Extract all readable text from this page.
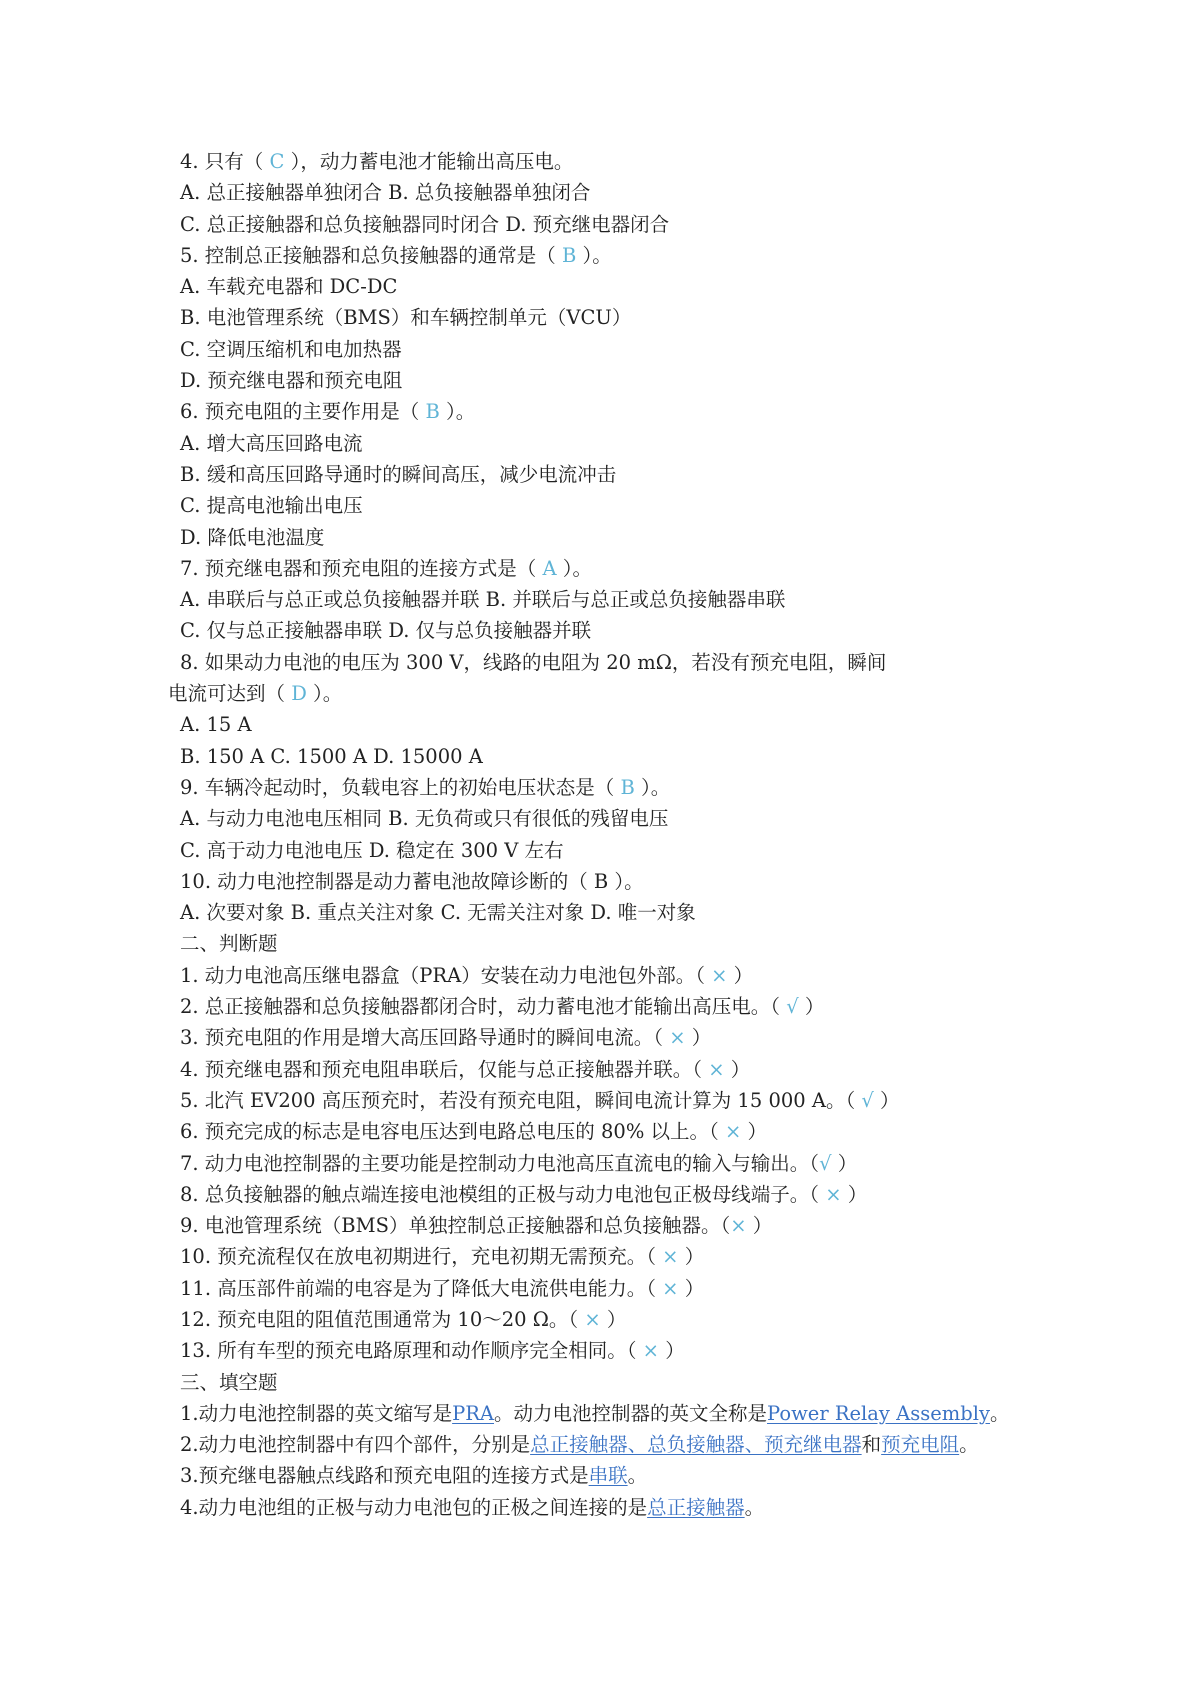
4. 只有（ C ），动力蓄电池才能输出高压电。
A. 总正接触器单独闭合 B. 总负接触器单独闭合
C. 总正接触器和总负接触器同时闭合 D. 预充继电器闭合
5. 控制总正接触器和总负接触器的通常是（ B ）。
A. 车载充电器和 DC-DC
B. 电池管理系统（BMS）和车辆控制单元（VCU）
C. 空调压缩机和电加热器
D. 预充继电器和预充电阻
6. 预充电阻的主要作用是（ B ）。
A. 增大高压回路电流
B. 缓和高压回路导通时的瞬间高压，减少电流冲击
C. 提高电池输出电压
D. 降低电池温度
7. 预充继电器和预充电阻的连接方式是（ A ）。
A. 串联后与总正或总负接触器并联 B. 并联后与总正或总负接触器串联
C. 仅与总正接触器串联 D. 仅与总负接触器并联
8. 如果动力电池的电压为 300 V，线路的电阻为 20 mΩ，若没有预充电阻，瞬间
电流可达到（ D ）。
A. 15 A
B. 150 A C. 1500 A D. 15000 A
9. 车辆冷起动时，负载电容上的初始电压状态是（ B ）。
A. 与动力电池电压相同 B. 无负荷或只有很低的残留电压
C. 高于动力电池电压 D. 稳定在 300 V 左右
10. 动力电池控制器是动力蓄电池故障诊断的（ B ）。
A. 次要对象 B. 重点关注对象 C. 无需关注对象 D. 唯一对象
二、判断题
1. 动力电池高压继电器盒（PRA）安装在动力电池包外部。（ × ）
2. 总正接触器和总负接触器都闭合时，动力蓄电池才能输出高压电。（ √ ）
3. 预充电阻的作用是增大高压回路导通时的瞬间电流。（ × ）
4. 预充继电器和预充电阻串联后，仅能与总正接触器并联。（ × ）
5. 北汽 EV200 高压预充时，若没有预充电阻，瞬间电流计算为 15 000 A。（ √ ）
6. 预充完成的标志是电容电压达到电路总电压的 80% 以上。（ × ）
7. 动力电池控制器的主要功能是控制动力电池高压直流电的输入与输出。（√ ）
8. 总负接触器的触点端连接电池模组的正极与动力电池包正极母线端子。（ × ）
9. 电池管理系统（BMS）单独控制总正接触器和总负接触器。（× ）
10. 预充流程仅在放电初期进行，充电初期无需预充。（ × ）
11. 高压部件前端的电容是为了降低大电流供电能力。（ × ）
12. 预充电阻的阻值范围通常为 10～20 Ω。（ × ）
13. 所有车型的预充电路原理和动作顺序完全相同。（ × ）
三、填空题
1.动力电池控制器的英文缩写是PRA。动力电池控制器的英文全称是Power Relay Assembly。
2.动力电池控制器中有四个部件，分别是总正接触器、总负接触器、预充继电器和预充电阻。
3.预充继电器触点线路和预充电阻的连接方式是串联。
4.动力电池组的正极与动力电池包的正极之间连接的是总正接触器。
